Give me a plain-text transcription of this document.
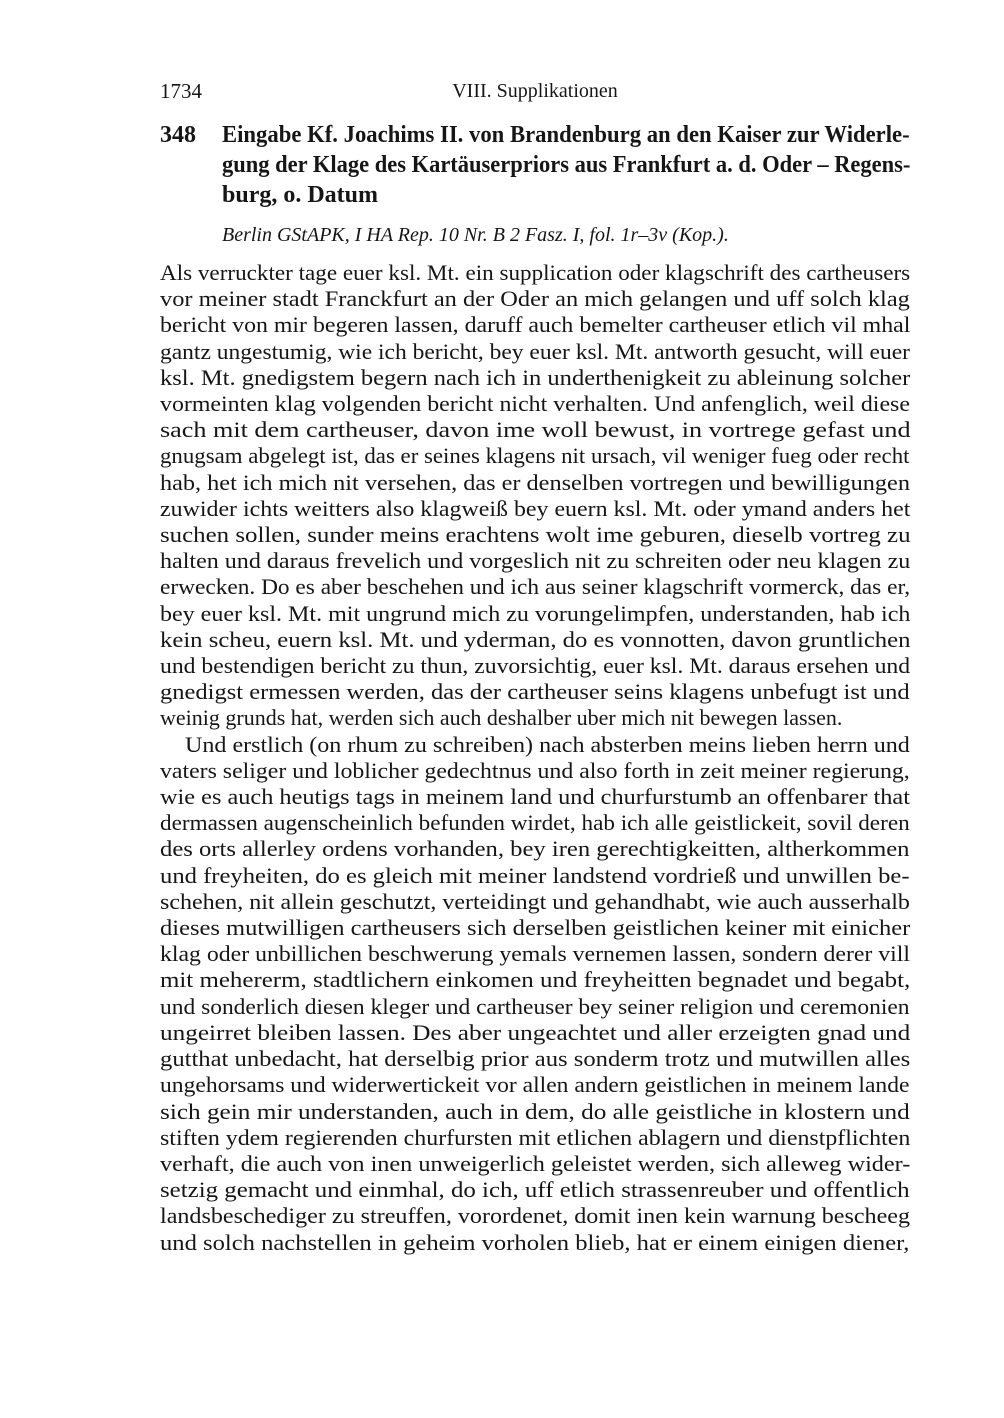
1734	VIII. Supplikationen
348	Eingabe Kf. Joachims II. von Brandenburg an den Kaiser zur Widerle-
gung der Klage des Kartäuserpriors aus Frankfurt a. d. Oder – Regens-
burg, o. Datum

Berlin GStAPK, I HA Rep. 10 Nr. B 2 Fasz. I, fol. 1r–3v (Kop.).

Als verruckter tage euer ksl. Mt. ein supplication oder klagschrift des cartheusers
vor meiner stadt Franckfurt an der Oder an mich gelangen und uff solch klag
bericht von mir begeren lassen, daruff auch bemelter cartheuser etlich vil mhal
gantz ungestumig, wie ich bericht, bey euer ksl. Mt. antworth gesucht, will euer
ksl. Mt. gnedigstem begern nach ich in underthenigkeit zu ableinung solcher
vormeinten klag volgenden bericht nicht verhalten. Und anfenglich, weil diese
sach mit dem cartheuser, davon ime woll bewust, in vortrege gefast und
gnugsam abgelegt ist, das er seines klagens nit ursach, vil weniger fueg oder recht
hab, het ich mich nit versehen, das er denselben vortregen und bewilligungen
zuwider ichts weitters also klagweiß bey euern ksl. Mt. oder ymand anders het
suchen sollen, sunder meins erachtens wolt ime geburen, dieselb vortreg zu
halten und daraus frevelich und vorgeslich nit zu schreiten oder neu klagen zu
erwecken. Do es aber beschehen und ich aus seiner klagschrift vormerck, das er,
bey euer ksl. Mt. mit ungrund mich zu vorungelimpfen, understanden, hab ich
kein scheu, euern ksl. Mt. und yderman, do es vonnotten, davon gruntlichen
und bestendigen bericht zu thun, zuvorsichtig, euer ksl. Mt. daraus ersehen und
gnedigst ermessen werden, das der cartheuser seins klagens unbefugt ist und
weinig grunds hat, werden sich auch deshalber uber mich nit bewegen lassen.
Und erstlich (on rhum zu schreiben) nach absterben meins lieben herrn und
vaters seliger und loblicher gedechtnus und also forth in zeit meiner regierung,
wie es auch heutigs tags in meinem land und churfurstumb an offenbarer that
dermassen augenscheinlich befunden wirdet, hab ich alle geistlickeit, sovil deren
des orts allerley ordens vorhanden, bey iren gerechtigkeitten, altherkommen
und freyheiten, do es gleich mit meiner landstend vordrieß und unwillen be-
schehen, nit allein geschutzt, verteidingt und gehandhabt, wie auch ausserhalb
dieses mutwilligen cartheusers sich derselben geistlichen keiner mit einicher
klag oder unbillichen beschwerung yemals vernemen lassen, sondern derer vill
mit mehererm, stadtlichern einkomen und freyheitten begnadet und begabt,
und sonderlich diesen kleger und cartheuser bey seiner religion und ceremonien
ungeirret bleiben lassen. Des aber ungeachtet und aller erzeigten gnad und
gutthat unbedacht, hat derselbig prior aus sonderm trotz und mutwillen alles
ungehorsams und widerwertickeit vor allen andern geistlichen in meinem lande
sich gein mir understanden, auch in dem, do alle geistliche in klostern und
stiften ydem regierenden churfursten mit etlichen ablagern und dienstpflichten
verhaft, die auch von inen unweigerlich geleistet werden, sich alleweg wider-
setzig gemacht und einmhal, do ich, uff etlich strassenreuber und offentlich
landsbeschediger zu streuffen, vorordenet, domit inen kein warnung bescheeg
und solch nachstellen in geheim vorholen blieb, hat er einem einigen diener,
